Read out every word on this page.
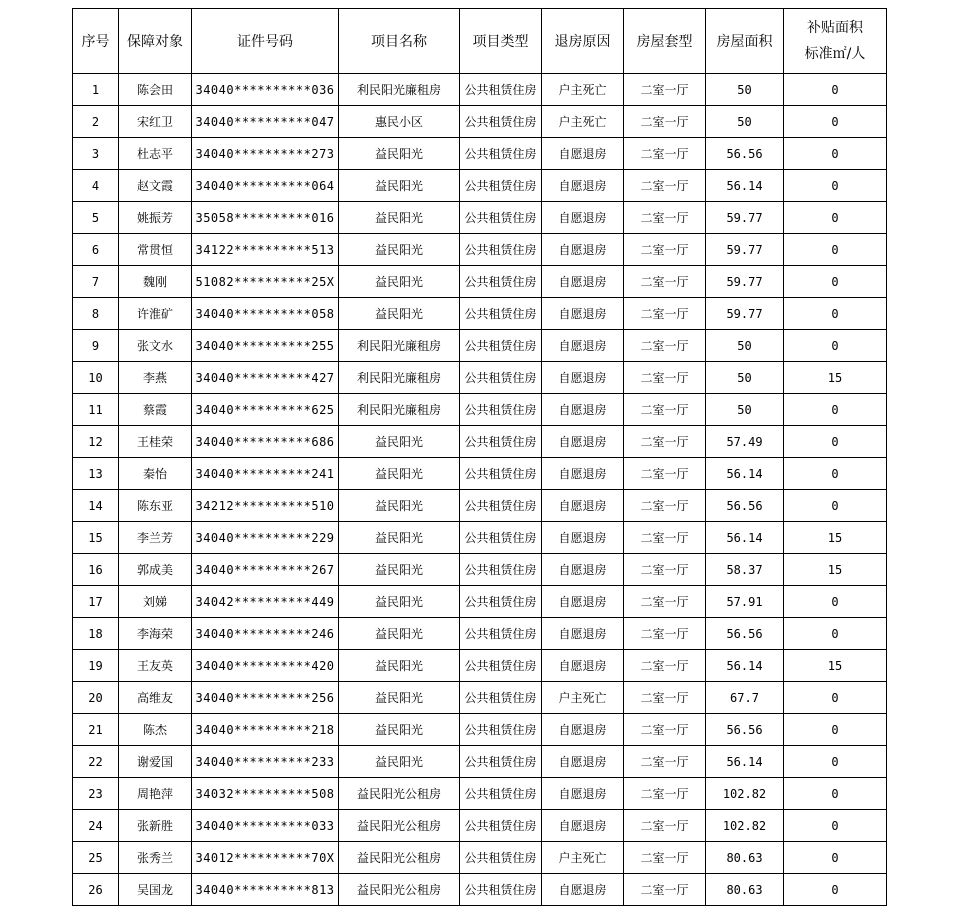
序号	保障对象	证件号码	项目名称	项目类型	退房原因	房屋套型	房屋面积	补贴面积
标准㎡/人

1	陈会田	34040**********036	利民阳光廉租房	公共租赁住房	户主死亡	二室一厅	50	0
2	宋红卫	34040**********047	惠民小区	公共租赁住房	户主死亡	二室一厅	50	0
3	杜志平	34040**********273	益民阳光	公共租赁住房	自愿退房	二室一厅	56.56	0
4	赵文霞	34040**********064	益民阳光	公共租赁住房	自愿退房	二室一厅	56.14	0
5	姚振芳	35058**********016	益民阳光	公共租赁住房	自愿退房	二室一厅	59.77	0
6	常贯恒	34122**********513	益民阳光	公共租赁住房	自愿退房	二室一厅	59.77	0
7	魏刚	51082**********25X	益民阳光	公共租赁住房	自愿退房	二室一厅	59.77	0
8	许淮矿	34040**********058	益民阳光	公共租赁住房	自愿退房	二室一厅	59.77	0
9	张文水	34040**********255	利民阳光廉租房	公共租赁住房	自愿退房	二室一厅	50	0
10	李燕	34040**********427	利民阳光廉租房	公共租赁住房	自愿退房	二室一厅	50	15
11	蔡霞	34040**********625	利民阳光廉租房	公共租赁住房	自愿退房	二室一厅	50	0
12	王桂荣	34040**********686	益民阳光	公共租赁住房	自愿退房	二室一厅	57.49	0
13	秦怡	34040**********241	益民阳光	公共租赁住房	自愿退房	二室一厅	56.14	0
14	陈东亚	34212**********510	益民阳光	公共租赁住房	自愿退房	二室一厅	56.56	0
15	李兰芳	34040**********229	益民阳光	公共租赁住房	自愿退房	二室一厅	56.14	15
16	郭成美	34040**********267	益民阳光	公共租赁住房	自愿退房	二室一厅	58.37	15
17	刘娣	34042**********449	益民阳光	公共租赁住房	自愿退房	二室一厅	57.91	0
18	李海荣	34040**********246	益民阳光	公共租赁住房	自愿退房	二室一厅	56.56	0
19	王友英	34040**********420	益民阳光	公共租赁住房	自愿退房	二室一厅	56.14	15
20	高维友	34040**********256	益民阳光	公共租赁住房	户主死亡	二室一厅	67.7	0
21	陈杰	34040**********218	益民阳光	公共租赁住房	自愿退房	二室一厅	56.56	0
22	谢爱国	34040**********233	益民阳光	公共租赁住房	自愿退房	二室一厅	56.14	0
23	周艳萍	34032**********508	益民阳光公租房	公共租赁住房	自愿退房	二室一厅	102.82	0
24	张新胜	34040**********033	益民阳光公租房	公共租赁住房	自愿退房	二室一厅	102.82	0
25	张秀兰	34012**********70X	益民阳光公租房	公共租赁住房	户主死亡	二室一厅	80.63	0
26	吴国龙	34040**********813	益民阳光公租房	公共租赁住房	自愿退房	二室一厅	80.63	0
